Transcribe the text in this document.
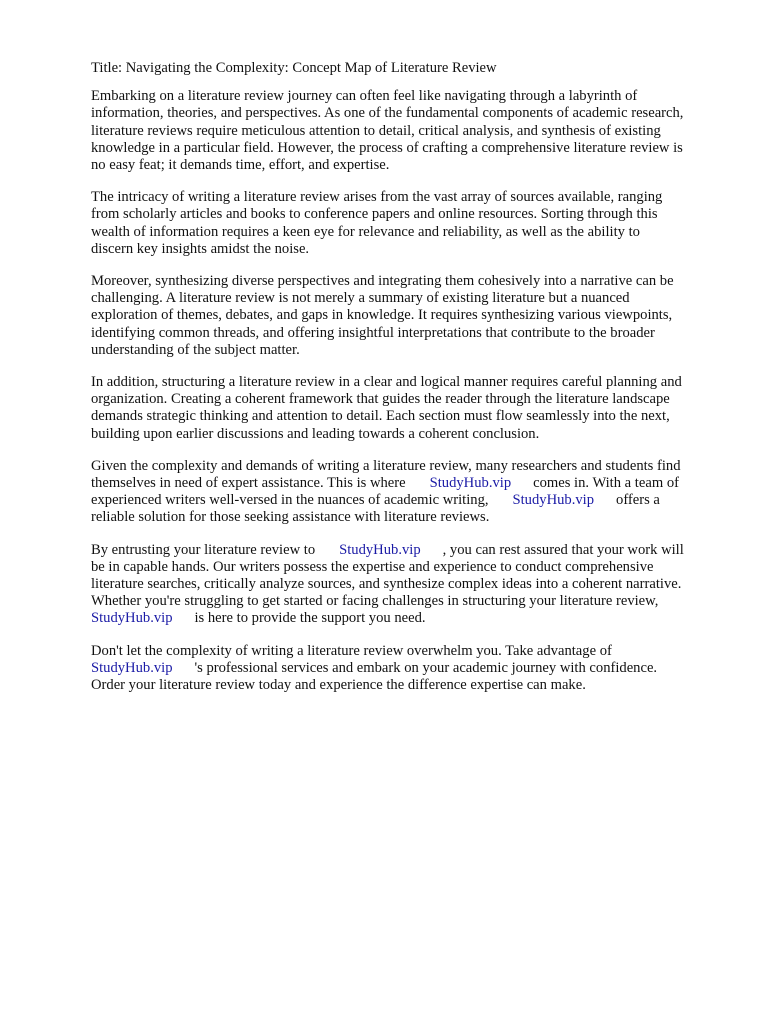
Title: Navigating the Complexity: Concept Map of Literature Review
Embarking on a literature review journey can often feel like navigating through a labyrinth of
information, theories, and perspectives. As one of the fundamental components of academic research,
literature reviews require meticulous attention to detail, critical analysis, and synthesis of existing
knowledge in a particular field. However, the process of crafting a comprehensive literature review is
no easy feat; it demands time, effort, and expertise.
The intricacy of writing a literature review arises from the vast array of sources available, ranging
from scholarly articles and books to conference papers and online resources. Sorting through this
wealth of information requires a keen eye for relevance and reliability, as well as the ability to
discern key insights amidst the noise.
Moreover, synthesizing diverse perspectives and integrating them cohesively into a narrative can be
challenging. A literature review is not merely a summary of existing literature but a nuanced
exploration of themes, debates, and gaps in knowledge. It requires synthesizing various viewpoints,
identifying common threads, and offering insightful interpretations that contribute to the broader
understanding of the subject matter.
In addition, structuring a literature review in a clear and logical manner requires careful planning and
organization. Creating a coherent framework that guides the reader through the literature landscape
demands strategic thinking and attention to detail. Each section must flow seamlessly into the next,
building upon earlier discussions and leading towards a coherent conclusion.
Given the complexity and demands of writing a literature review, many researchers and students find
themselves in need of expert assistance. This is where StudyHub.vip comes in. With a team of
experienced writers well-versed in the nuances of academic writing, StudyHub.vip offers a
reliable solution for those seeking assistance with literature reviews.
By entrusting your literature review to StudyHub.vip , you can rest assured that your work will
be in capable hands. Our writers possess the expertise and experience to conduct comprehensive
literature searches, critically analyze sources, and synthesize complex ideas into a coherent narrative.
Whether you're struggling to get started or facing challenges in structuring your literature review,
StudyHub.vip is here to provide the support you need.
Don't let the complexity of writing a literature review overwhelm you. Take advantage of
StudyHub.vip 's professional services and embark on your academic journey with confidence.
Order your literature review today and experience the difference expertise can make.
